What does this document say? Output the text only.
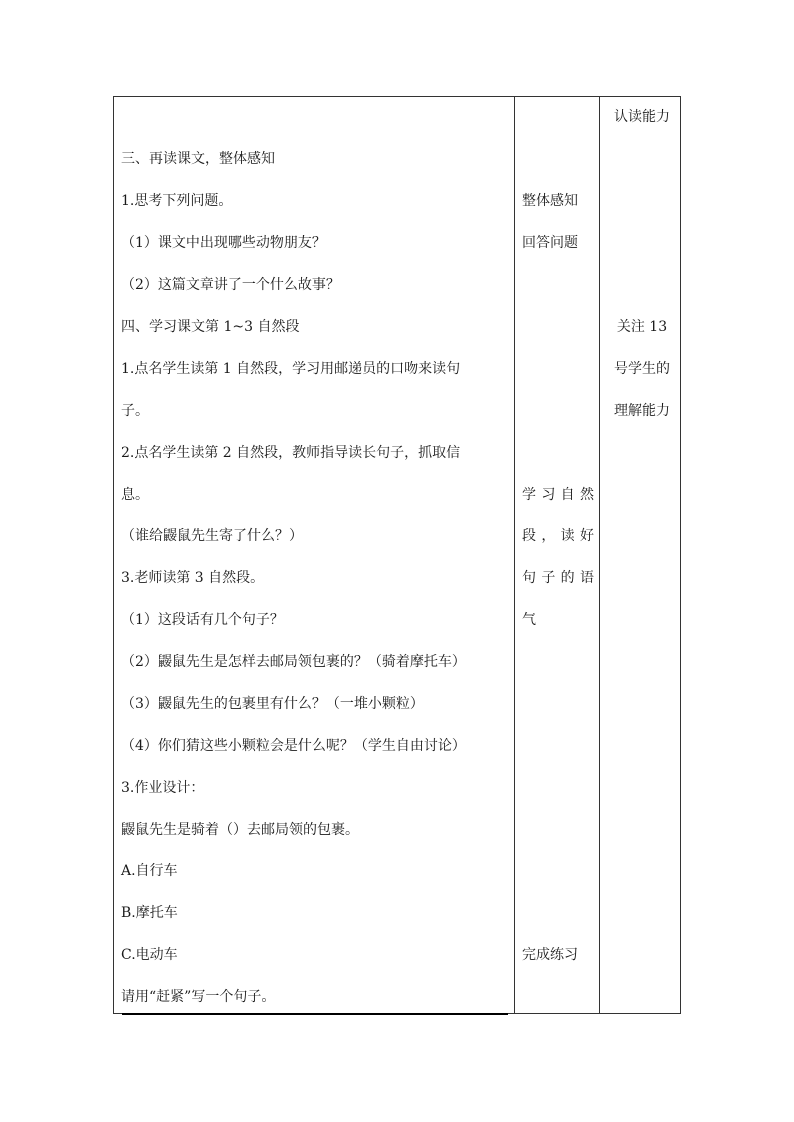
三、再读课文，整体感知
1.思考下列问题。
（1）课文中出现哪些动物朋友？
（2）这篇文章讲了一个什么故事？
四、学习课文第 1~3 自然段
1.点名学生读第 1 自然段，学习用邮递员的口吻来读句
子。
2.点名学生读第 2 自然段，教师指导读长句子，抓取信
息。
（谁给鼹鼠先生寄了什么？）
3.老师读第 3 自然段。
（1）这段话有几个句子？
（2）鼹鼠先生是怎样去邮局领包裹的？（骑着摩托车）
（3）鼹鼠先生的包裹里有什么？（一堆小颗粒）
（4）你们猜这些小颗粒会是什么呢？（学生自由讨论）
3.作业设计：
鼹鼠先生是骑着（）去邮局领的包裹。
A.自行车
B.摩托车
C.电动车
请用“赶紧”写一个句子。
整体感知
回答问题
学习自然
段，读好
句子的语
气
完成练习
认读能力
关注 13
号学生的
理解能力
